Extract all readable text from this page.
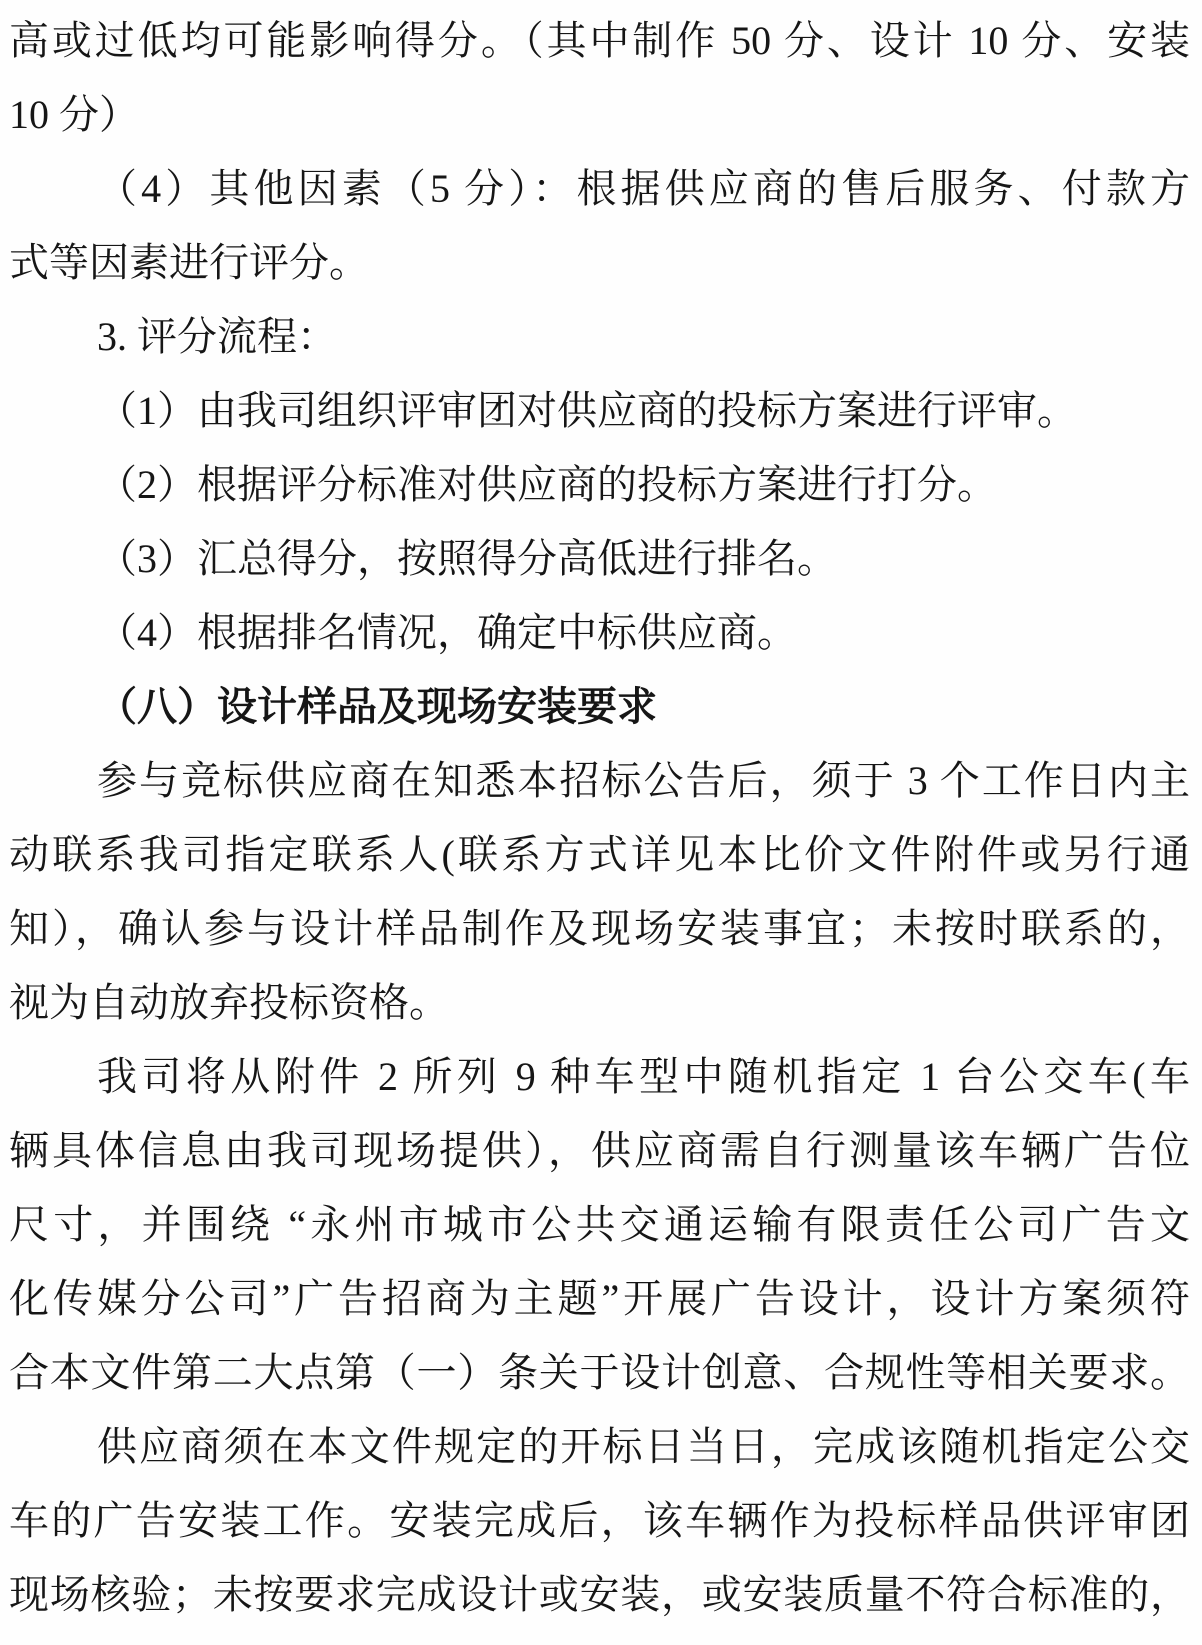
高或过低均可能影响得分。（其中制作 50 分、设计 10 分、安装
10 分）
（4）其他因素（5 分）：根据供应商的售后服务、付款方
式等因素进行评分。
3. 评分流程：
（1）由我司组织评审团对供应商的投标方案进行评审。
（2）根据评分标准对供应商的投标方案进行打分。
（3）汇总得分，按照得分高低进行排名。
（4）根据排名情况，确定中标供应商。
（八）设计样品及现场安装要求
参与竞标供应商在知悉本招标公告后，须于 3 个工作日内主
动联系我司指定联系人(联系方式详见本比价文件附件或另行通
知），确认参与设计样品制作及现场安装事宜；未按时联系的，
视为自动放弃投标资格。
我司将从附件 2 所列 9 种车型中随机指定 1 台公交车(车
辆具体信息由我司现场提供），供应商需自行测量该车辆广告位
尺寸，并围绕 “永州市城市公共交通运输有限责任公司广告文
化传媒分公司”广告招商为主题”开展广告设计，设计方案须符
合本文件第二大点第（一）条关于设计创意、合规性等相关要求。
供应商须在本文件规定的开标日当日，完成该随机指定公交
车的广告安装工作。安装完成后，该车辆作为投标样品供评审团
现场核验；未按要求完成设计或安装，或安装质量不符合标准的，
